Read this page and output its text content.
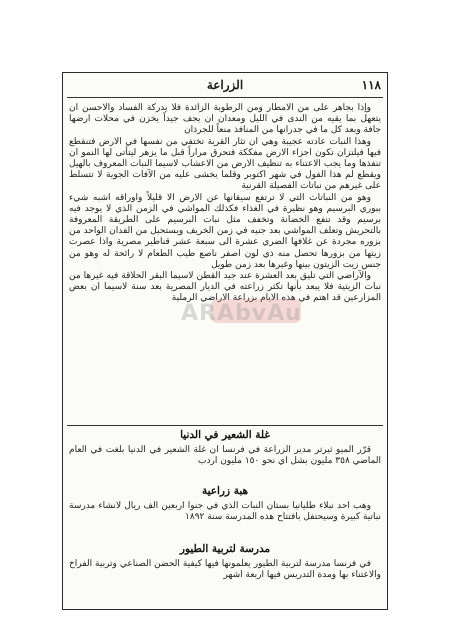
١١٨
الزراعة

وإذا بجاهر على من الامطار ومن الرطوبة الزائدة فلا يدركة الفساد والاحسن ان يتعهل بما يقيه من الندى في الليل ومعدان ان يجف جيداً يخزن في محلات ارضها جافة وبعد كل ما في جدرانها من المنافذ منعاً للجرذان

وهذا النبات عادته عجيبة وهي ان تثار القرية تختفي من نفسها في الارض فتنقطع فيها فيلتزان تكون اجزاء الارض مفككة فتحرق مراراً قبل ما يزهر ليتأتى لها النمو ان تنفذها وما يجب الاعتناء به تنظيف الارض من الاعشاب لاسيما النبات المعروف بالهيل ويقطع لم هذا الفول في شهر اكتوبر وقلما يخشى عليه من الآفات الجوية لا تتسلط على غيرهم من نباتات الفصيلة القرنية

وهو من النباتات التي لا ترتفع سيقانها عن الارض الا قليلاً واوراقه اشبه شيء ببوري البرسيم وهو نظيرة في الغذاء فكذلك المواشي في الزمن الذي لا يوجد فيه برسيم وقد تنفع الخضانة وتخفف مثل نبات البرسيم على الطريقة المعروفة بالتحريش وتعلف المواشي بعد جنيه في زمن الخريف ويستحيل من الفدان الواحد من بزوره مجردة عن غلافها الضري عشرة الى سبعة عشر قناطير مصرية واذا عصرت زيتها من بزورها تحصل منه ذي لون اصفر ناصع طيب الطعام لا رائحة له وهو من جنس زيت الزيتون بينها وغيرها بعد زمن طويل

والآراضي التي تليق بعد العشرة عند جيد القطن لاسيما البقر الحلاقة فيه غيرها من نبات الزيتية فلا يبعد بأنها تكثر زراعته في الديار المصرية بعد سنة لاسيما ان بعض المزارعين قد اهتم في هذه الايام بزراعة الاراضي الرملية

ARAbvAu
غلة الشعير في الدنيا

قرّر الميو ثيرتر مدير الزراعة في فرنسا ان غلة الشعير في الدنيا بلغت في العام الماضي ٣٥٨ مليون بشل اي نحو ١٥٠ مليون اردب

هبة زراعية

وهب احد نبلاء طليانيا بستان النبات الذي في جنوا اربعين الف ريال لانشاء مدرسة نباتية كبيرة وسيحتفل بافتتاح هذه المدرسة سنة ١٨٩٢

مدرسة لتربية الطيور

في فرنسا مدرسة لتربية الطيور يعلمونها فيها كيفية الحضن الصناعي وتربية الفراخ والاعتناء بها ومدة التدريس فيها اربعة اشهر
